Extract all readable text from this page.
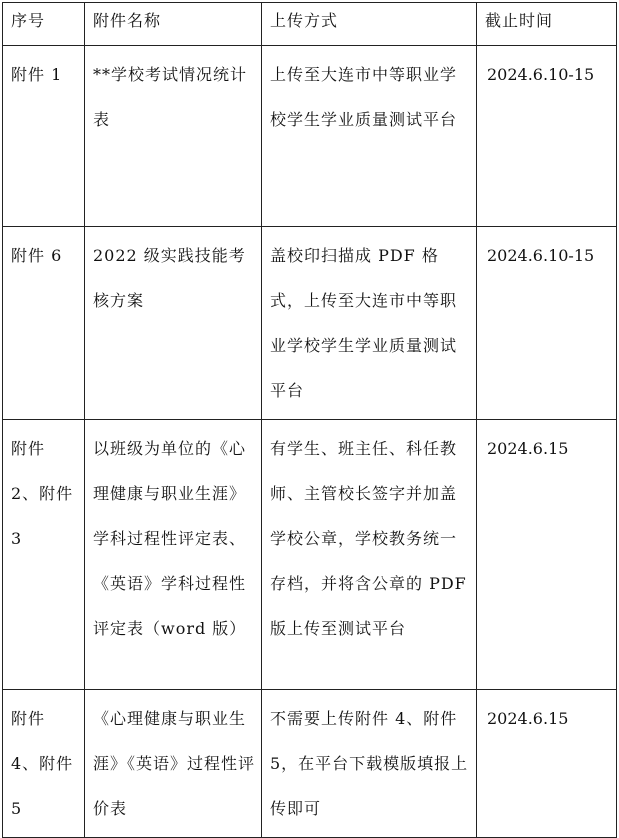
序号	附件名称	上传方式	截止时间
附件 1	**学校考试情况统计表	上传至大连市中等职业学校学生学业质量测试平台	2024.6.10-15
附件 6	2022 级实践技能考核方案	盖校印扫描成 PDF 格式，上传至大连市中等职业学校学生学业质量测试平台	2024.6.10-15
附件 2、附件 3	以班级为单位的《心理健康与职业生涯》学科过程性评定表、《英语》学科过程性评定表（word 版）	有学生、班主任、科任教师、主管校长签字并加盖学校公章，学校教务统一存档，并将含公章的 PDF 版上传至测试平台	2024.6.15
附件 4、附件 5	《心理健康与职业生涯》《英语》过程性评价表	不需要上传附件 4、附件 5，在平台下载模版填报上传即可	2024.6.15
